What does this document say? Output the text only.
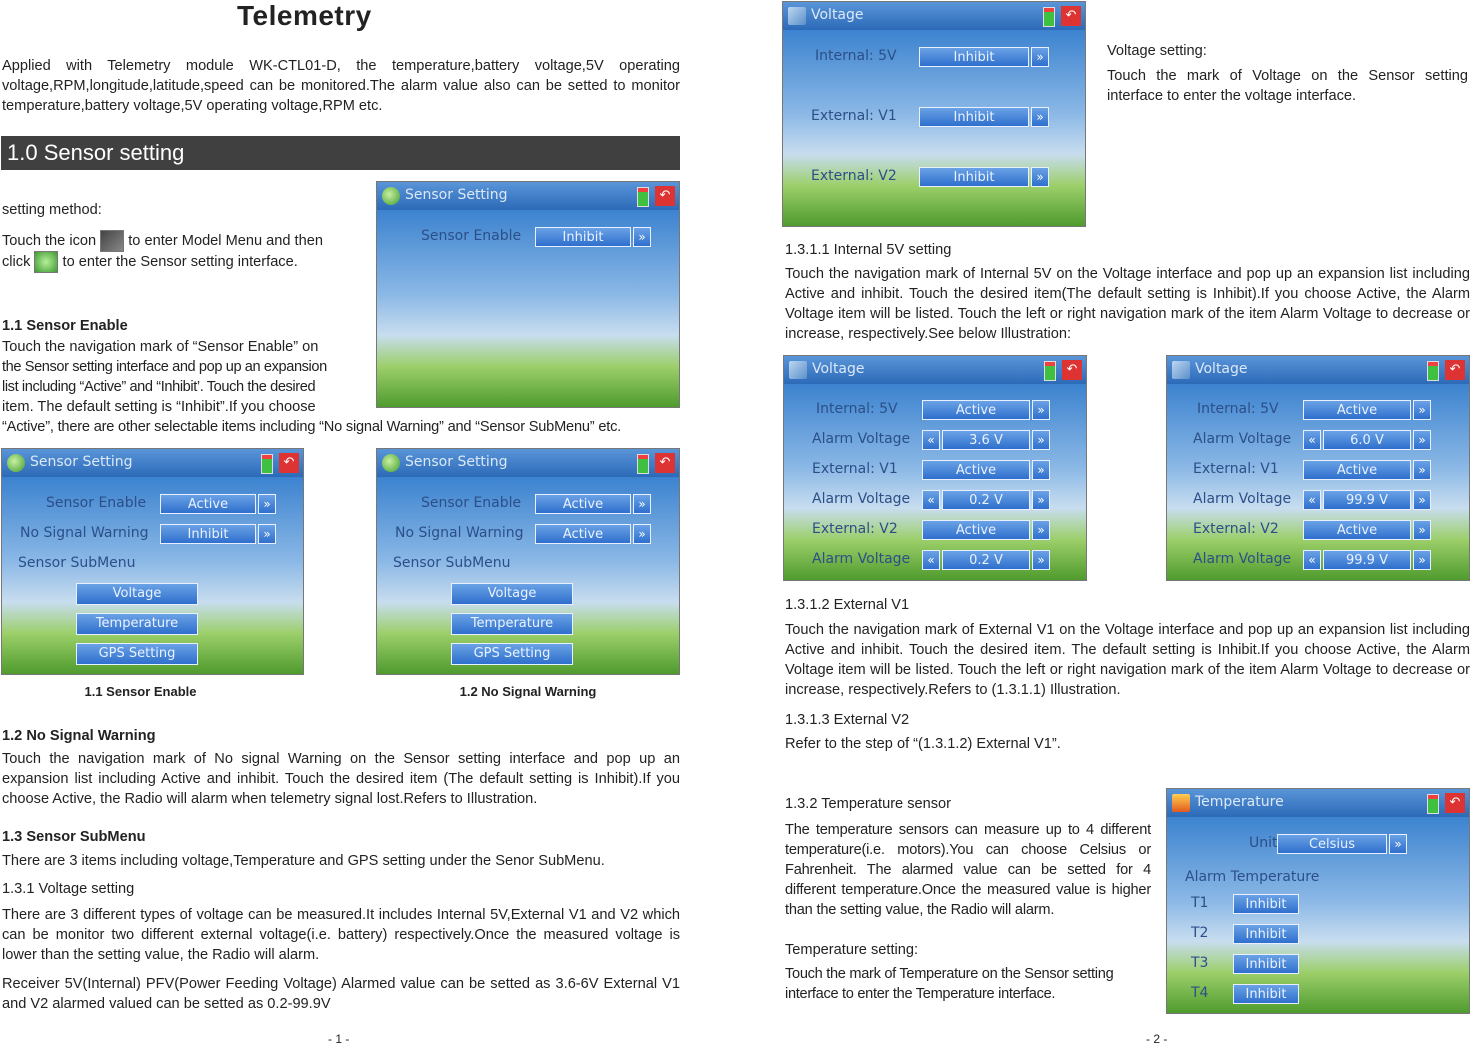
Telemetry
Applied with Telemetry module WK-CTL01-D, the temperature,battery voltage,5V operating voltage,RPM,longitude,latitude,speed can be monitored.The alarm value also can be setted to monitor temperature,battery voltage,5V operating voltage,RPM etc.
1.0 Sensor setting
setting method:
Touch the icon to enter Model Menu and then
click to enter the Sensor setting interface.
1.1 Sensor Enable
Touch the navigation mark of “Sensor Enable” on
the Sensor setting interface and pop up an expansion
list including “Active” and “Inhibit’. Touch the desired
item. The default setting is “Inhibit”.If you choose
“Active”, there are other selectable items including “No signal Warning” and “Sensor SubMenu” etc.
Sensor Setting	↶
Sensor Enable	Inhibit	»
Sensor Setting	↶
Sensor Enable	Active	»
No Signal Warning	Inhibit	»
Sensor SubMenu
Voltage
Temperature
GPS Setting
Sensor Setting	↶
Sensor Enable	Active	»
No Signal Warning	Active	»
Sensor SubMenu
Voltage
Temperature
GPS Setting
1.1 Sensor Enable	1.2 No Signal Warning
1.2 No Signal Warning
Touch the navigation mark of No signal Warning on the Sensor setting interface and pop up an expansion list including Active and inhibit. Touch the desired item (The default setting is Inhibit).If you choose Active, the Radio will alarm when telemetry signal lost.Refers to Illustration.
1.3 Sensor SubMenu
There are 3 items including voltage,Temperature and GPS setting under the Senor SubMenu.
1.3.1 Voltage setting
There are 3 different types of voltage can be measured.It includes Internal 5V,External V1 and V2 which can be monitor two different external voltage(i.e. battery) respectively.Once the measured voltage is lower than the setting value, the Radio will alarm.
Receiver 5V(Internal) PFV(Power Feeding Voltage) Alarmed value can be setted as 3.6-6V External V1 and V2 alarmed valued can be setted as 0.2-99.9V
- 1 -
Voltage	↶
Internal: 5V	Inhibit	»
External: V1	Inhibit	»
External: V2	Inhibit	»
Voltage setting:
Touch the mark of Voltage on the Sensor setting interface to enter the voltage interface.
1.3.1.1 Internal 5V setting
Touch the navigation mark of Internal 5V on the Voltage interface and pop up an expansion list including Active and inhibit. Touch the desired item(The default setting is Inhibit).If you choose Active, the Alarm Voltage item will be listed. Touch the left or right navigation mark of the item Alarm Voltage to decrease or increase, respectively.See below Illustration:
Voltage	↶
Internal: 5V	Active	»
Alarm Voltage	«	3.6 V	»
External: V1	Active	»
Alarm Voltage	«	0.2 V	»
External: V2	Active	»
Alarm Voltage	«	0.2 V	»
Voltage	↶
Internal: 5V	Active	»
Alarm Voltage	«	6.0 V	»
External: V1	Active	»
Alarm Voltage	«	99.9 V	»
External: V2	Active	»
Alarm Voltage	«	99.9 V	»
1.3.1.2 External V1
Touch the navigation mark of External V1 on the Voltage interface and pop up an expansion list including Active and inhibit. Touch the desired item. The default setting is Inhibit.If you choose Active, the Alarm Voltage item will be listed. Touch the left or right navigation mark of the item Alarm Voltage to decrease or increase, respectively.Refers to (1.3.1.1) Illustration.
1.3.1.3 External V2
Refer to the step of “(1.3.1.2) External V1”.
1.3.2 Temperature sensor
The temperature sensors can measure up to 4 different temperature(i.e. motors).You can choose Celsius or Fahrenheit. The alarmed value can be setted for 4 different temperature.Once the measured value is higher than the setting value, the Radio will alarm.
Temperature setting:
Touch the mark of Temperature on the Sensor setting interface to enter the Temperature interface.
Temperature	↶
Unit	Celsius	»
Alarm Temperature
T1	Inhibit
T2	Inhibit
T3	Inhibit
T4	Inhibit
- 2 -
